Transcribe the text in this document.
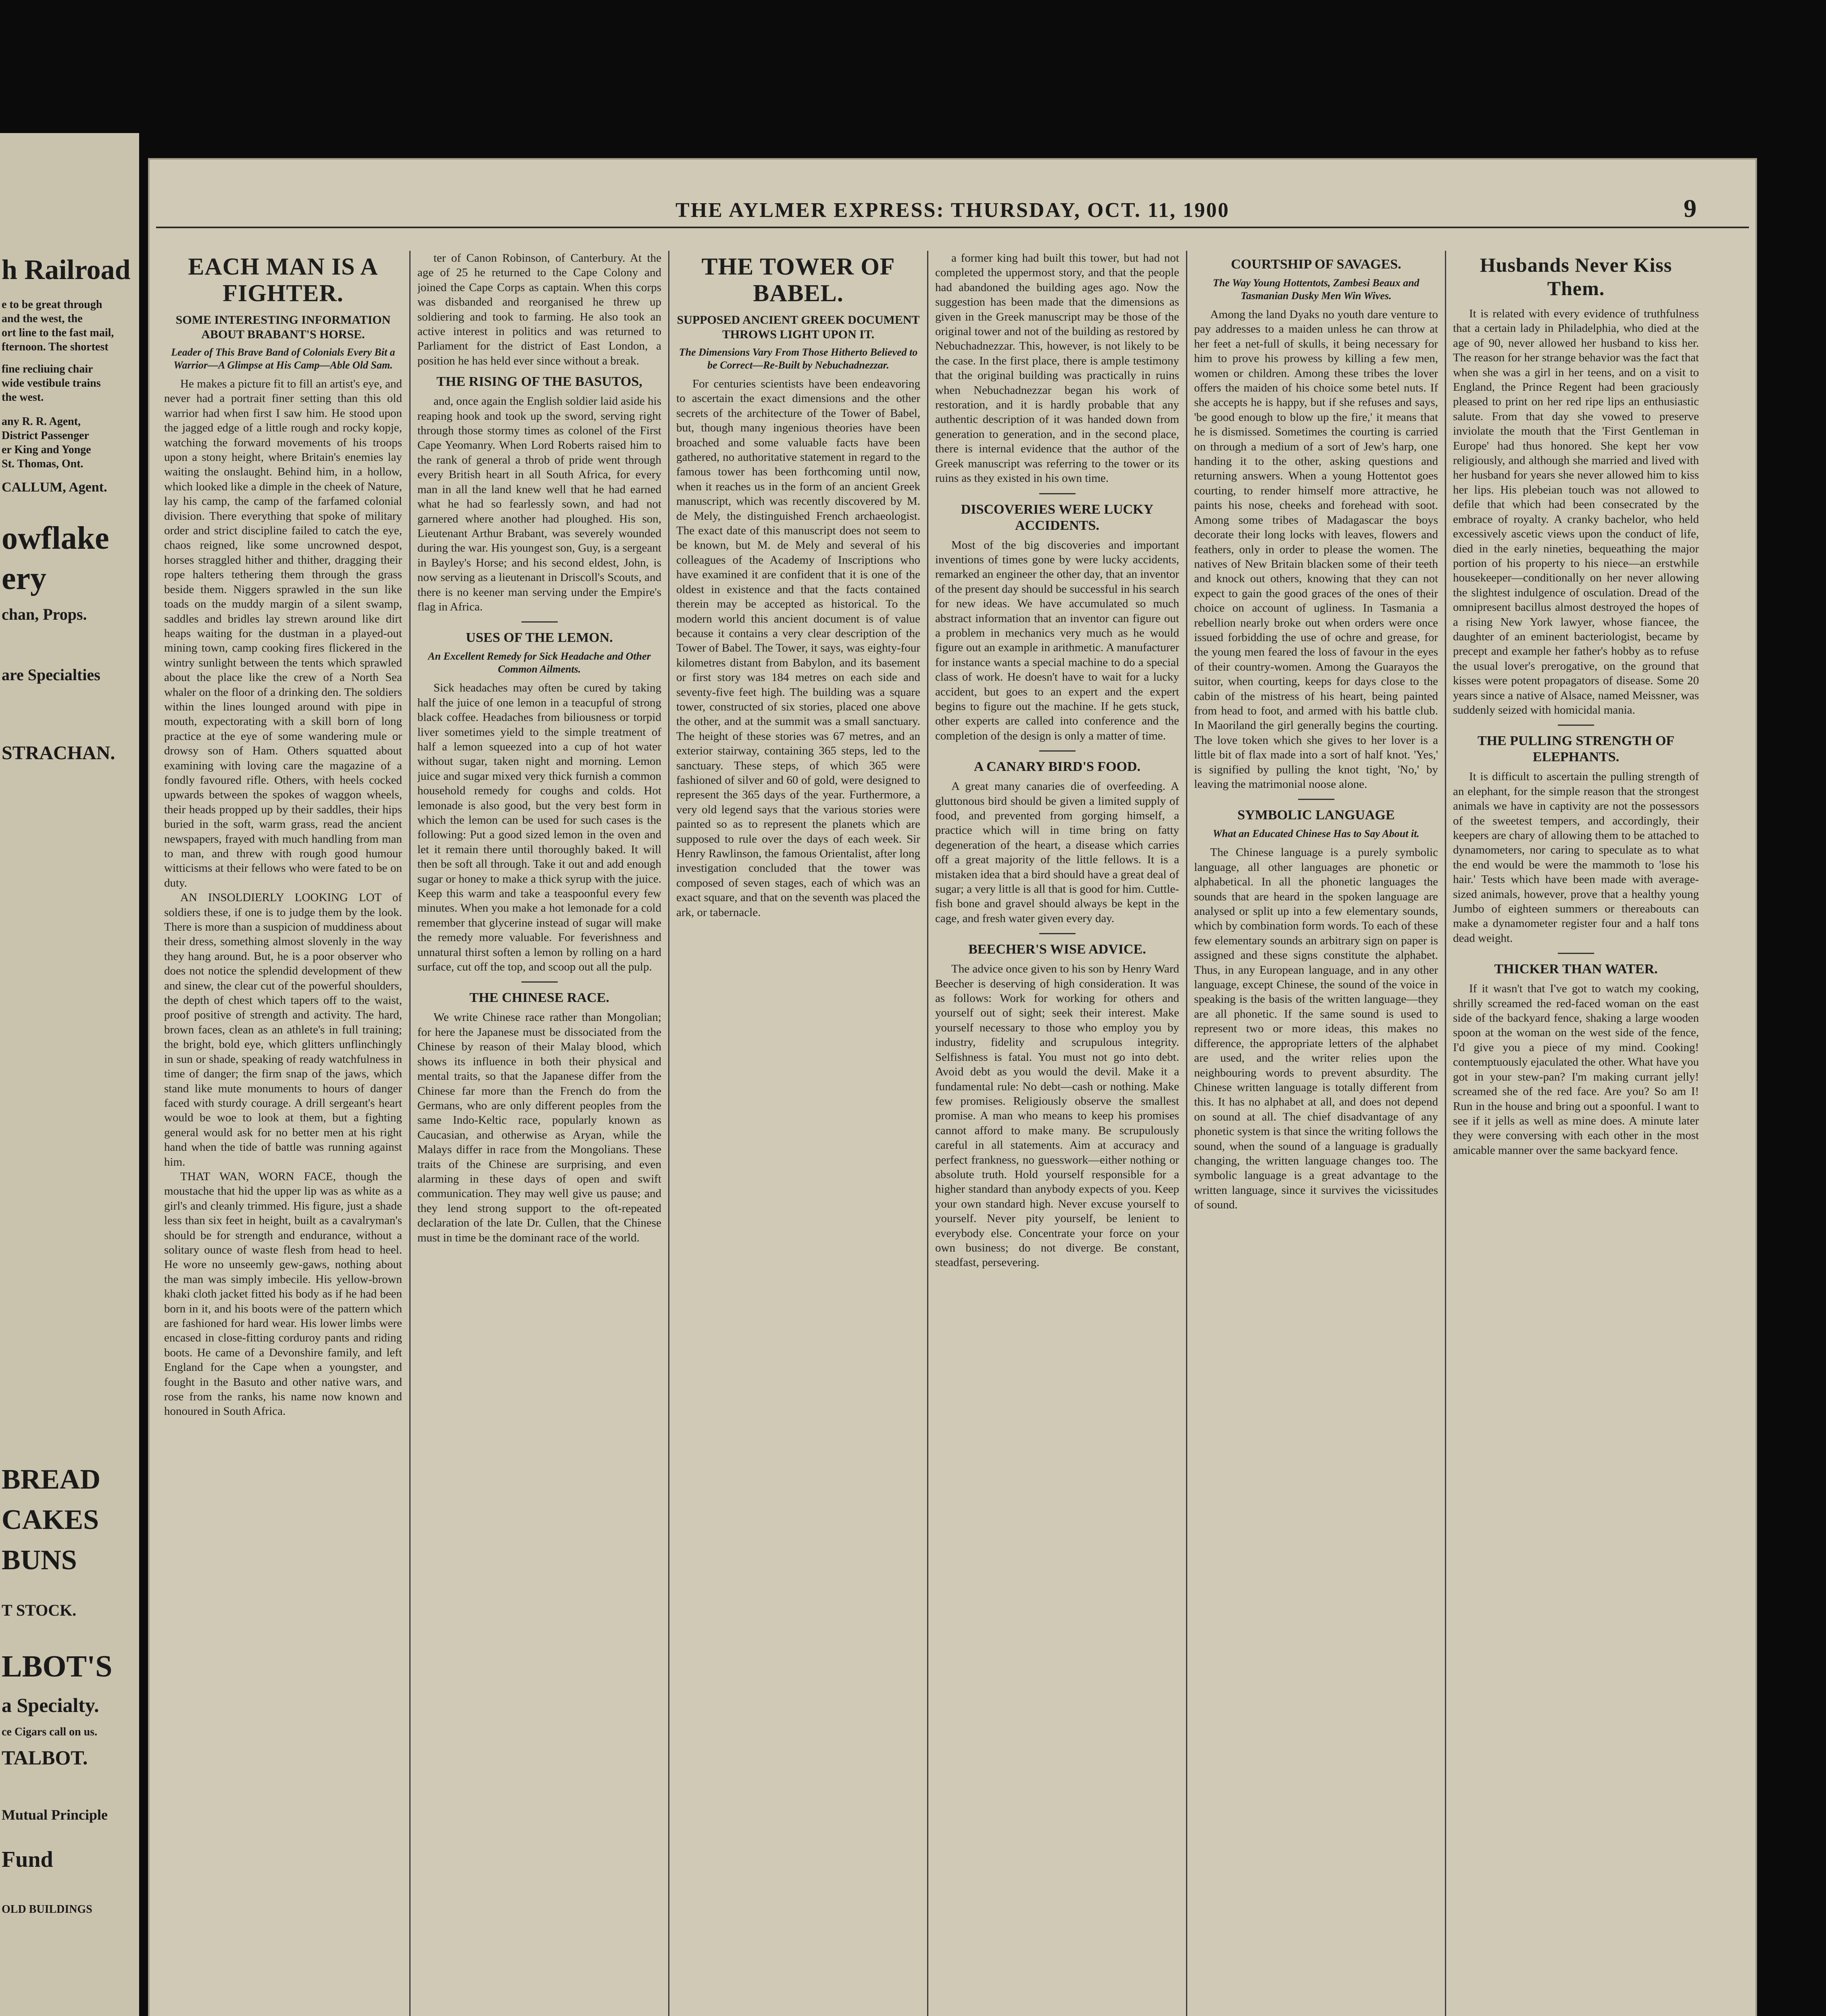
h Railroad
e to be great through
and the west, the
ort line to the fast mail,
fternoon. The shortest
fine recliuing chair
wide vestibule trains
the west.
any R. R. Agent,
District Passenger
er King and Yonge
St. Thomas, Ont.
CALLUM, Agent.
owflake
ery
chan, Props.
are Specialties
STRACHAN.
BREAD
CAKES
BUNS
T STOCK.
LBOT'S
a Specialty.
ce Cigars call on us.
TALBOT.
Mutual Principle
Fund
OLD BUILDINGS
THE AYLMER EXPRESS: THURSDAY, OCT. 11, 1900	9
EACH MAN IS A FIGHTER.
SOME INTERESTING INFORMATION ABOUT BRABANT'S HORSE.
Leader of This Brave Band of Colonials Every Bit a Warrior—A Glimpse at His Camp—Able Old Sam.

He makes a picture fit to fill an artist's eye, and never had a portrait finer setting than this old warrior had when first I saw him. He stood upon the jagged edge of a little rough and rocky kopje, watching the forward movements of his troops upon a stony height, where Britain's enemies lay waiting the onslaught. Behind him, in a hollow, which looked like a dimple in the cheek of Nature, lay his camp, the camp of the farfamed colonial division. There everything that spoke of military order and strict discipline failed to catch the eye, chaos reigned, like some uncrowned despot, horses straggled hither and thither, dragging their rope halters tethering them through the grass beside them. Niggers sprawled in the sun like toads on the muddy margin of a silent swamp, saddles and bridles lay strewn around like dirt heaps waiting for the dustman in a played-out mining town, camp cooking fires flickered in the wintry sunlight between the tents which sprawled about the place like the crew of a North Sea whaler on the floor of a drinking den. The soldiers within the lines lounged around with pipe in mouth, expectorating with a skill born of long practice at the eye of some wandering mule or drowsy son of Ham. Others squatted about examining with loving care the magazine of a fondly favoured rifle. Others, with heels cocked upwards between the spokes of waggon wheels, their heads propped up by their saddles, their hips buried in the soft, warm grass, read the ancient newspapers, frayed with much handling from man to man, and threw with rough good humour witticisms at their fellows who were fated to be on duty.

AN INSOLDIERLY LOOKING LOT of soldiers these, if one is to judge them by the look. There is more than a suspicion of muddiness about their dress, something almost slovenly in the way they hang around. But, he is a poor observer who does not notice the splendid development of thew and sinew, the clear cut of the powerful shoulders, the depth of chest which tapers off to the waist, proof positive of strength and activity. The hard, brown faces, clean as an athlete's in full training; the bright, bold eye, which glitters unflinchingly in sun or shade, speaking of ready watchfulness in time of danger; the firm snap of the jaws, which stand like mute monuments to hours of danger faced with sturdy courage. A drill sergeant's heart would be woe to look at them, but a fighting general would ask for no better men at his right hand when the tide of battle was running against him.

THAT WAN, WORN FACE, though the moustache that hid the upper lip was as white as a girl's and cleanly trimmed. His figure, just a shade less than six feet in height, built as a cavalryman's should be for strength and endurance, without a solitary ounce of waste flesh from head to heel. He wore no unseemly gew-gaws, nothing about the man was simply imbecile. His yellow-brown khaki cloth jacket fitted his body as if he had been born in it, and his boots were of the pattern which are fashioned for hard wear. His lower limbs were encased in close-fitting corduroy pants and riding boots. He came of a Devonshire family, and left England for the Cape when a youngster, and fought in the Basuto and other native wars, and rose from the ranks, his name now known and honoured in South Africa.

ter of Canon Robinson, of Canterbury. At the age of 25 he returned to the Cape Colony and joined the Cape Corps as captain. When this corps was disbanded and reorganised he threw up soldiering and took to farming. He also took an active interest in politics and was returned to Parliament for the district of East London, a position he has held ever since without a break.

THE RISING OF THE BASUTOS,

and, once again the English soldier laid aside his reaping hook and took up the sword, serving right through those stormy times as colonel of the First Cape Yeomanry. When Lord Roberts raised him to the rank of general a throb of pride went through every British heart in all South Africa, for every man in all the land knew well that he had earned what he had so fearlessly sown, and had not garnered where another had ploughed. His son, Lieutenant Arthur Brabant, was severely wounded during the war. His youngest son, Guy, is a sergeant in Bayley's Horse; and his second eldest, John, is now serving as a lieutenant in Driscoll's Scouts, and there is no keener man serving under the Empire's flag in Africa.

USES OF THE LEMON.
An Excellent Remedy for Sick Headache and Other Common Ailments.

Sick headaches may often be cured by taking half the juice of one lemon in a teacupful of strong black coffee. Headaches from biliousness or torpid liver sometimes yield to the simple treatment of half a lemon squeezed into a cup of hot water without sugar, taken night and morning. Lemon juice and sugar mixed very thick furnish a common household remedy for coughs and colds. Hot lemonade is also good, but the very best form in which the lemon can be used for such cases is the following: Put a good sized lemon in the oven and let it remain there until thoroughly baked. It will then be soft all through. Take it out and add enough sugar or honey to make a thick syrup with the juice. Keep this warm and take a teaspoonful every few minutes. When you make a hot lemonade for a cold remember that glycerine instead of sugar will make the remedy more valuable. For feverishness and unnatural thirst soften a lemon by rolling on a hard surface, cut off the top, and scoop out all the pulp.

THE CHINESE RACE.

We write Chinese race rather than Mongolian; for here the Japanese must be dissociated from the Chinese by reason of their Malay blood, which shows its influence in both their physical and mental traits, so that the Japanese differ from the Chinese far more than the French do from the Germans, who are only different peoples from the same Indo-Keltic race, popularly known as Caucasian, and otherwise as Aryan, while the Malays differ in race from the Mongolians. These traits of the Chinese are surprising, and even alarming in these days of open and swift communication. They may well give us pause; and they lend strong support to the oft-repeated declaration of the late Dr. Cullen, that the Chinese must in time be the dominant race of the world.

THE TOWER OF BABEL.
SUPPOSED ANCIENT GREEK DOCUMENT THROWS LIGHT UPON IT.
The Dimensions Vary From Those Hitherto Believed to be Correct—Re-Built by Nebuchadnezzar.

For centuries scientists have been endeavoring to ascertain the exact dimensions and the other secrets of the architecture of the Tower of Babel, but, though many ingenious theories have been broached and some valuable facts have been gathered, no authoritative statement in regard to the famous tower has been forthcoming until now, when it reaches us in the form of an ancient Greek manuscript, which was recently discovered by M. de Mely, the distinguished French archaeologist. The exact date of this manuscript does not seem to be known, but M. de Mely and several of his colleagues of the Academy of Inscriptions who have examined it are confident that it is one of the oldest in existence and that the facts contained therein may be accepted as historical. To the modern world this ancient document is of value because it contains a very clear description of the Tower of Babel. The Tower, it says, was eighty-four kilometres distant from Babylon, and its basement or first story was 184 metres on each side and seventy-five feet high. The building was a square tower, constructed of six stories, placed one above the other, and at the summit was a small sanctuary. The height of these stories was 67 metres, and an exterior stairway, containing 365 steps, led to the sanctuary. These steps, of which 365 were fashioned of silver and 60 of gold, were designed to represent the 365 days of the year. Furthermore, a very old legend says that the various stories were painted so as to represent the planets which are supposed to rule over the days of each week. Sir Henry Rawlinson, the famous Orientalist, after long investigation concluded that the tower was composed of seven stages, each of which was an exact square, and that on the seventh was placed the ark, or tabernacle.

a former king had built this tower, but had not completed the uppermost story, and that the people had abandoned the building ages ago. Now the suggestion has been made that the dimensions as given in the Greek manuscript may be those of the original tower and not of the building as restored by Nebuchadnezzar. This, however, is not likely to be the case. In the first place, there is ample testimony that the original building was practically in ruins when Nebuchadnezzar began his work of restoration, and it is hardly probable that any authentic description of it was handed down from generation to generation, and in the second place, there is internal evidence that the author of the Greek manuscript was referring to the tower or its ruins as they existed in his own time.

DISCOVERIES WERE LUCKY ACCIDENTS.

Most of the big discoveries and important inventions of times gone by were lucky accidents, remarked an engineer the other day, that an inventor of the present day should be successful in his search for new ideas. We have accumulated so much abstract information that an inventor can figure out a problem in mechanics very much as he would figure out an example in arithmetic. A manufacturer for instance wants a special machine to do a special class of work. He doesn't have to wait for a lucky accident, but goes to an expert and the expert begins to figure out the machine. If he gets stuck, other experts are called into conference and the completion of the design is only a matter of time.

A CANARY BIRD'S FOOD.

A great many canaries die of overfeeding. A gluttonous bird should be given a limited supply of food, and prevented from gorging himself, a practice which will in time bring on fatty degeneration of the heart, a disease which carries off a great majority of the little fellows. It is a mistaken idea that a bird should have a great deal of sugar; a very little is all that is good for him. Cuttle-fish bone and gravel should always be kept in the cage, and fresh water given every day.

BEECHER'S WISE ADVICE.

The advice once given to his son by Henry Ward Beecher is deserving of high consideration. It was as follows: Work for working for others and yourself out of sight; seek their interest. Make yourself necessary to those who employ you by industry, fidelity and scrupulous integrity. Selfishness is fatal. You must not go into debt. Avoid debt as you would the devil. Make it a fundamental rule: No debt—cash or nothing. Make few promises. Religiously observe the smallest promise. A man who means to keep his promises cannot afford to make many. Be scrupulously careful in all statements. Aim at accuracy and perfect frankness, no guesswork—either nothing or absolute truth. Hold yourself responsible for a higher standard than anybody expects of you. Keep your own standard high. Never excuse yourself to yourself. Never pity yourself, be lenient to everybody else. Concentrate your force on your own business; do not diverge. Be constant, steadfast, persevering.

COURTSHIP OF SAVAGES.
The Way Young Hottentots, Zambesi Beaux and Tasmanian Dusky Men Win Wives.

Among the land Dyaks no youth dare venture to pay addresses to a maiden unless he can throw at her feet a net-full of skulls, it being necessary for him to prove his prowess by killing a few men, women or children. Among these tribes the lover offers the maiden of his choice some betel nuts. If she accepts he is happy, but if she refuses and says, 'be good enough to blow up the fire,' it means that he is dismissed. Sometimes the courting is carried on through a medium of a sort of Jew's harp, one handing it to the other, asking questions and returning answers. When a young Hottentot goes courting, to render himself more attractive, he paints his nose, cheeks and forehead with soot. Among some tribes of Madagascar the boys decorate their long locks with leaves, flowers and feathers, only in order to please the women. The natives of New Britain blacken some of their teeth and knock out others, knowing that they can not expect to gain the good graces of the ones of their choice on account of ugliness. In Tasmania a rebellion nearly broke out when orders were once issued forbidding the use of ochre and grease, for the young men feared the loss of favour in the eyes of their country-women. Among the Guarayos the suitor, when courting, keeps for days close to the cabin of the mistress of his heart, being painted from head to foot, and armed with his battle club. In Maoriland the girl generally begins the courting. The love token which she gives to her lover is a little bit of flax made into a sort of half knot. 'Yes,' is signified by pulling the knot tight, 'No,' by leaving the matrimonial noose alone.

SYMBOLIC LANGUAGE
What an Educated Chinese Has to Say About it.

The Chinese language is a purely symbolic language, all other languages are phonetic or alphabetical. In all the phonetic languages the sounds that are heard in the spoken language are analysed or split up into a few elementary sounds, which by combination form words. To each of these few elementary sounds an arbitrary sign on paper is assigned and these signs constitute the alphabet. Thus, in any European language, and in any other language, except Chinese, the sound of the voice in speaking is the basis of the written language—they are all phonetic. If the same sound is used to represent two or more ideas, this makes no difference, the appropriate letters of the alphabet are used, and the writer relies upon the neighbouring words to prevent absurdity. The Chinese written language is totally different from this. It has no alphabet at all, and does not depend on sound at all. The chief disadvantage of any phonetic system is that since the writing follows the sound, when the sound of a language is gradually changing, the written language changes too. The symbolic language is a great advantage to the written language, since it survives the vicissitudes of sound.

Husbands Never Kiss Them.

It is related with every evidence of truthfulness that a certain lady in Philadelphia, who died at the age of 90, never allowed her husband to kiss her. The reason for her strange behavior was the fact that when she was a girl in her teens, and on a visit to England, the Prince Regent had been graciously pleased to print on her red ripe lips an enthusiastic salute. From that day she vowed to preserve inviolate the mouth that the 'First Gentleman in Europe' had thus honored. She kept her vow religiously, and although she married and lived with her husband for years she never allowed him to kiss her lips. His plebeian touch was not allowed to defile that which had been consecrated by the embrace of royalty. A cranky bachelor, who held excessively ascetic views upon the conduct of life, died in the early nineties, bequeathing the major portion of his property to his niece—an erstwhile housekeeper—conditionally on her never allowing the slightest indulgence of osculation. Dread of the omnipresent bacillus almost destroyed the hopes of a rising New York lawyer, whose fiancee, the daughter of an eminent bacteriologist, became by precept and example her father's hobby as to refuse the usual lover's prerogative, on the ground that kisses were potent propagators of disease. Some 20 years since a native of Alsace, named Meissner, was suddenly seized with homicidal mania.

THE PULLING STRENGTH OF ELEPHANTS.

It is difficult to ascertain the pulling strength of an elephant, for the simple reason that the strongest animals we have in captivity are not the possessors of the sweetest tempers, and accordingly, their keepers are chary of allowing them to be attached to dynamometers, nor caring to speculate as to what the end would be were the mammoth to 'lose his hair.' Tests which have been made with average-sized animals, however, prove that a healthy young Jumbo of eighteen summers or thereabouts can make a dynamometer register four and a half tons dead weight.

THICKER THAN WATER.

If it wasn't that I've got to watch my cooking, shrilly screamed the red-faced woman on the east side of the backyard fence, shaking a large wooden spoon at the woman on the west side of the fence, I'd give you a piece of my mind. Cooking! contemptuously ejaculated the other. What have you got in your stew-pan? I'm making currant jelly! screamed she of the red face. Are you? So am I! Run in the house and bring out a spoonful. I want to see if it jells as well as mine does. A minute later they were conversing with each other in the most amicable manner over the same backyard fence.
